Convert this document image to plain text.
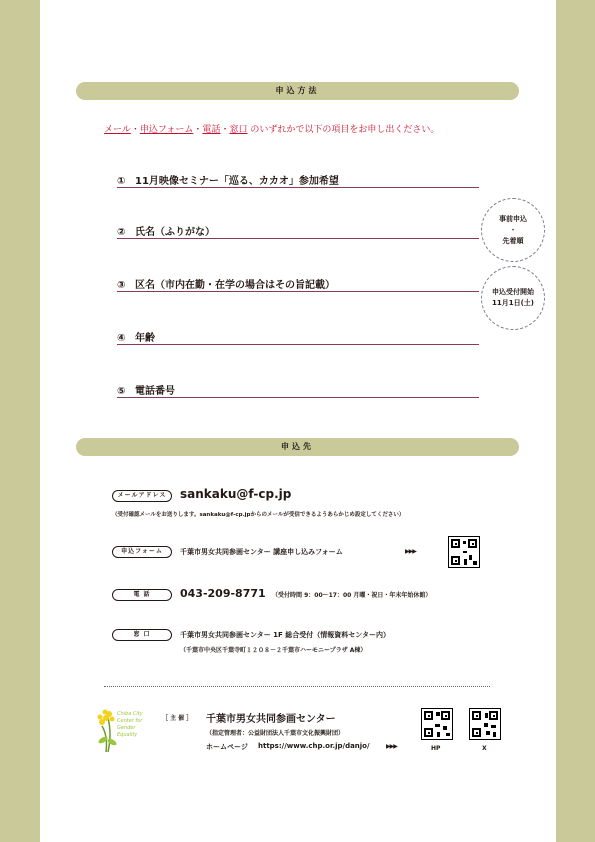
申込方法
メール・申込フォーム・電話・窓口 のいずれかで以下の項目をお申し出ください。
① 11月映像セミナー「巡る、カカオ」参加希望
② 氏名（ふりがな）
③ 区名（市内在勤・在学の場合はその旨記載）
④ 年齢
⑤ 電話番号
事前申込
・
先着順
申込受付開始
11月1日(土)
申込先
メールアドレス	sankaku@f-cp.jp
（受付確認メールをお送りします。sankaku@f-cp.jpからのメールが受信できるようあらかじめ設定してください）
申込フォーム	千葉市男女共同参画センター 講座申し込みフォーム	▶▶▶
電 話	043-209-8771 （受付時間 9：00～17：00 月曜・祝日・年末年始休館）
窓 口	千葉市男女共同参画センター 1F 総合受付（情報資料センター内）
（千葉市中央区千葉寺町１２０８－２千葉市ハーモニープラザ A棟）
Chiba City
Center for
Gender
Equality
［ 主 催 ］ 千葉市男女共同参画センター
（指定管理者：公益財団法人千葉市文化振興財団）
ホームページ https://www.chp.or.jp/danjo/	▶▶▶	HP	X
